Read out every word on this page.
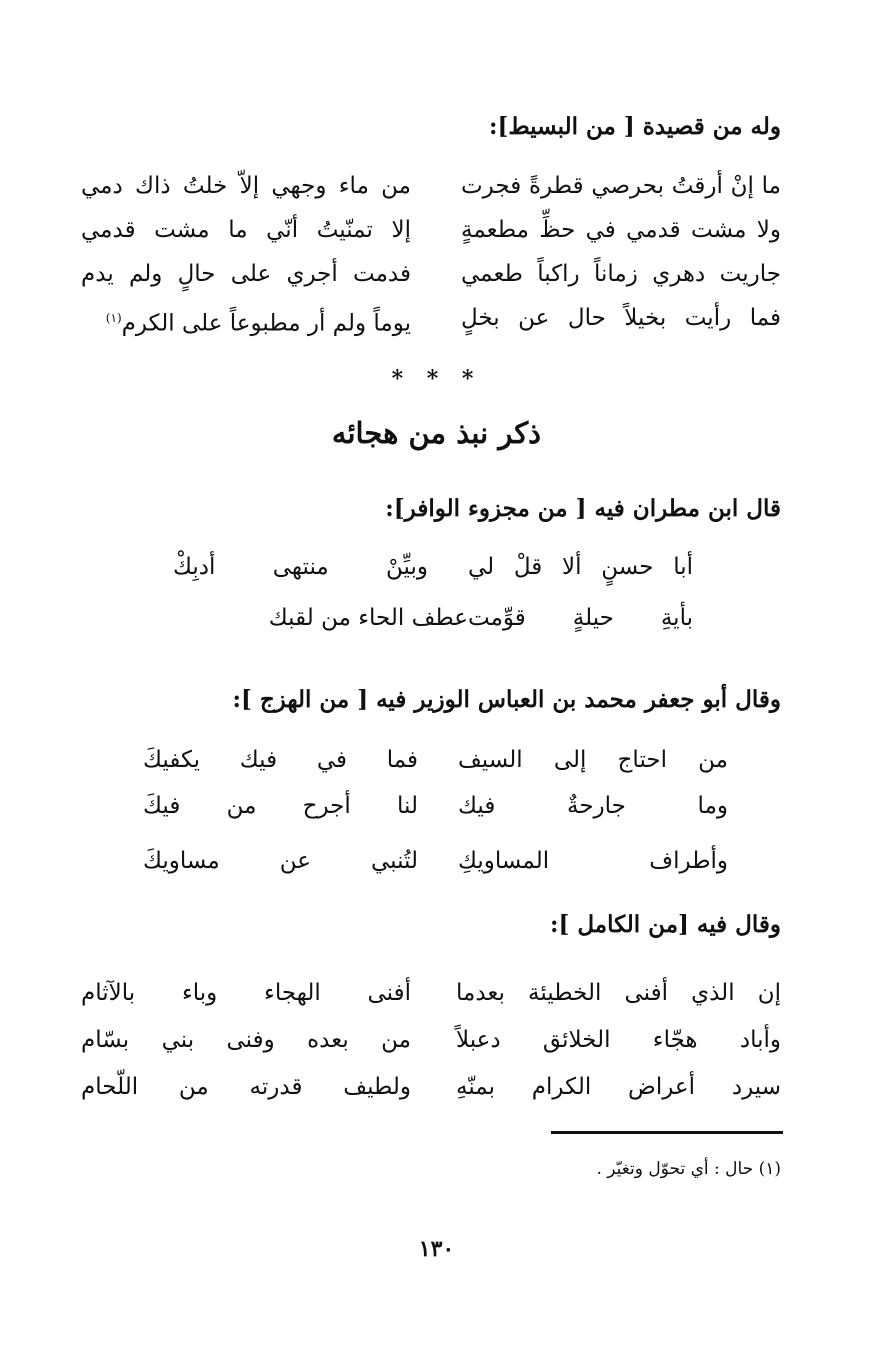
وله من قصيدة [ من البسيط]:
ما إنْ أرقتُ بحرصي قطرةً فجرت
من ماء وجهي إلاّ خلتُ ذاك دمي
ولا مشت قدمي في حظِّ مطعمةٍ
إلا تمنّيتُ أنّي ما مشت قدمي
جاريت دهري زماناً راكباً طعمي
فدمت أجري على حالٍ ولم يدم
فما رأيت بخيلاً حال عن بخلٍ
يوماً ولم أر مطبوعاً على الكرم$^{(١)}$
* * *
ذكر نبذ من هجائه
قال ابن مطران فيه [ من مجزوء الوافر]:
أبا حسنٍ ألا قلْ لي
وبيِّنْ منتهى أدبِكْ
بأيةِ حيلةٍ قوِّمت
عطف الحاء من لقبك
وقال أبو جعفر محمد بن العباس الوزير فيه [ من الهزج ]:
من احتاج إلى السيف
فما في فيك يكفيكَ
وما جارحةٌ فيك
لنا أجرح من فيكَ
وأطراف المساويكِ
لتُنبي عن مساويكَ
وقال فيه [من الكامل ]:
إن الذي أفنى الخطيئة بعدما
أفنى الهجاء وباء بالآثام
وأباد هجّاء الخلائق دعبلاً
من بعده وفنى بني بسّام
سيرد أعراض الكرام بمنّهِ
ولطيف قدرته من اللّحام
(١) حال : أي تحوّل وتغيّر .
١٣٠
